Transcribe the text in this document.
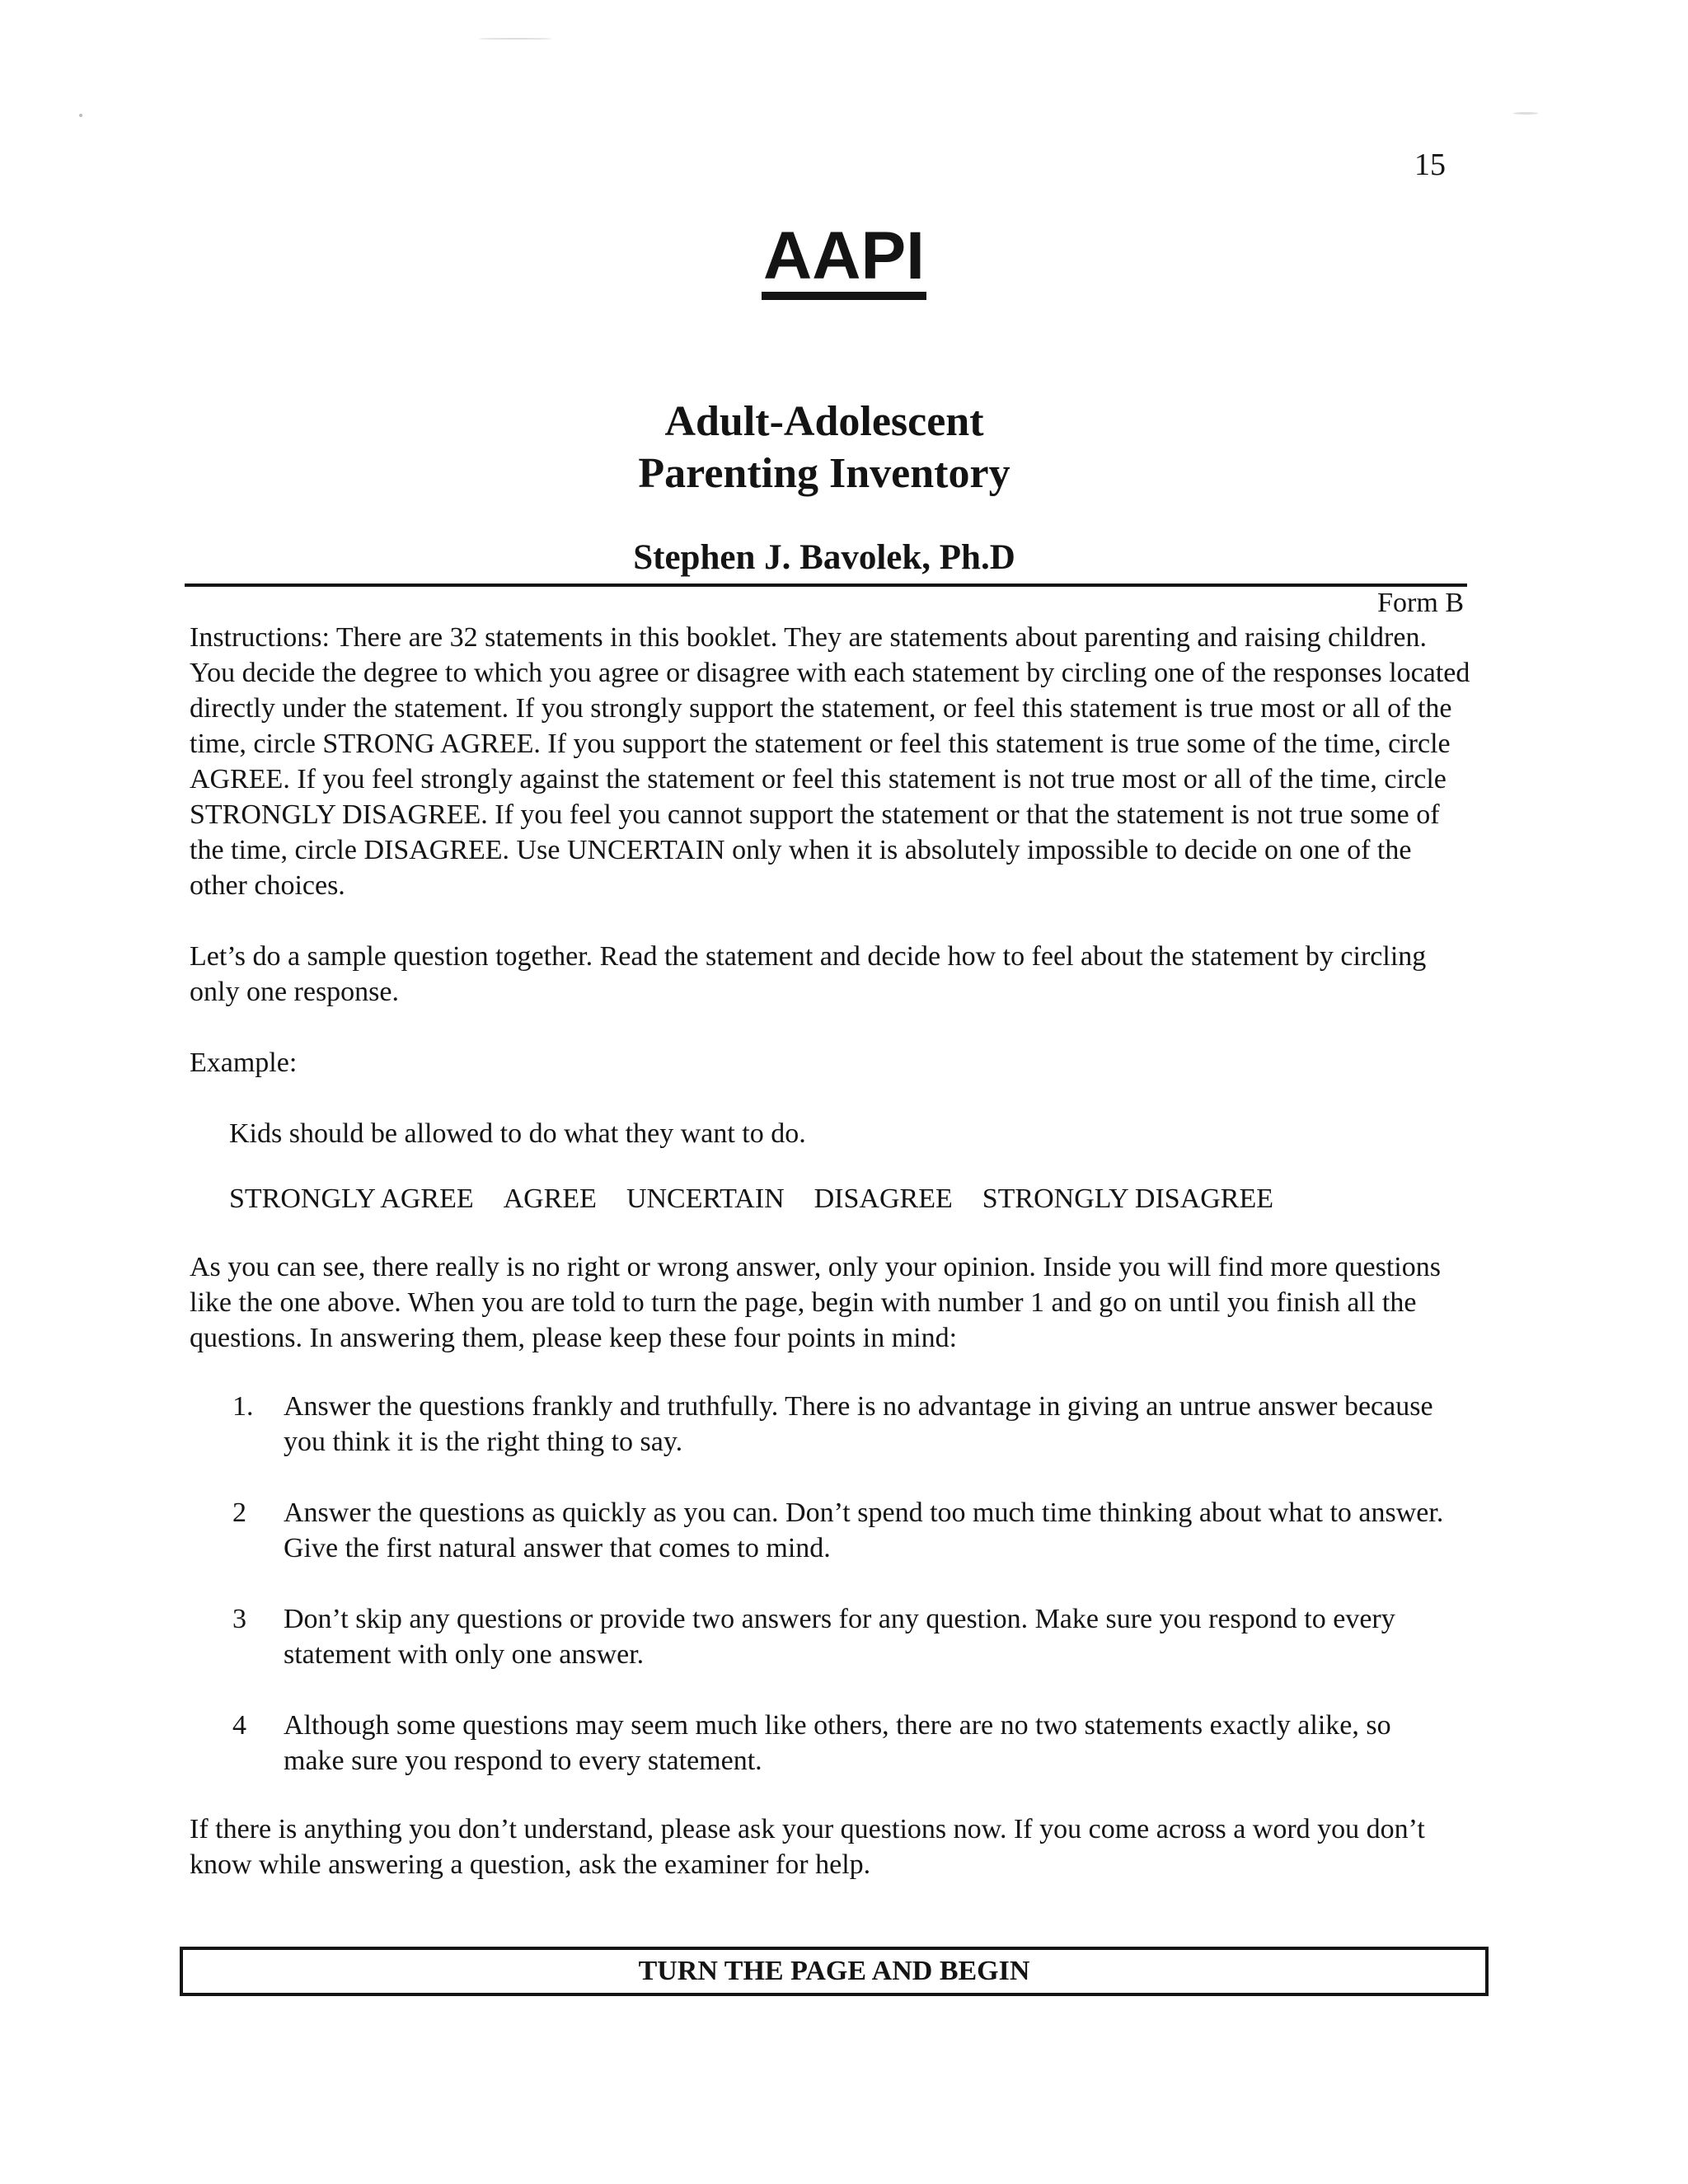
15
AAPI
Adult-Adolescent
Parenting Inventory
Stephen J. Bavolek, Ph.D
Form B

Instructions: There are 32 statements in this booklet. They are statements about parenting and raising children. You decide the degree to which you agree or disagree with each statement by circling one of the responses located directly under the statement. If you strongly support the statement, or feel this statement is true most or all of the time, circle STRONG AGREE. If you support the statement or feel this statement is true some of the time, circle AGREE. If you feel strongly against the statement or feel this statement is not true most or all of the time, circle STRONGLY DISAGREE. If you feel you cannot support the statement or that the statement is not true some of the time, circle DISAGREE. Use UNCERTAIN only when it is absolutely impossible to decide on one of the other choices.

Let’s do a sample question together. Read the statement and decide how to feel about the statement by circling only one response.

Example:

Kids should be allowed to do what they want to do.

STRONGLY AGREE AGREE UNCERTAIN DISAGREE STRONGLY DISAGREE

As you can see, there really is no right or wrong answer, only your opinion. Inside you will find more questions like the one above. When you are told to turn the page, begin with number 1 and go on until you finish all the questions. In answering them, please keep these four points in mind:

1.	Answer the questions frankly and truthfully. There is no advantage in giving an untrue answer because you think it is the right thing to say.
2	Answer the questions as quickly as you can. Don’t spend too much time thinking about what to answer. Give the first natural answer that comes to mind.
3	Don’t skip any questions or provide two answers for any question. Make sure you respond to every statement with only one answer.
4	Although some questions may seem much like others, there are no two statements exactly alike, so make sure you respond to every statement.

If there is anything you don’t understand, please ask your questions now. If you come across a word you don’t know while answering a question, ask the examiner for help.

TURN THE PAGE AND BEGIN
